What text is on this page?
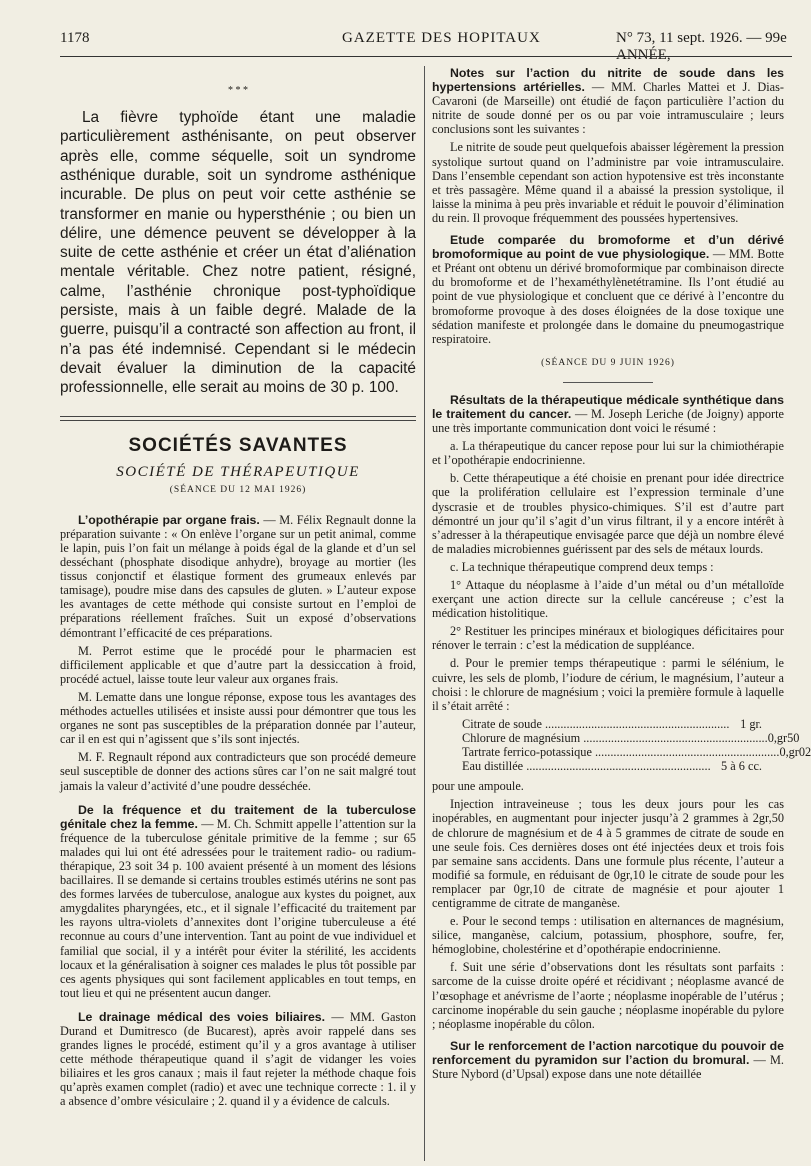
1178	GAZETTE DES HOPITAUX	N° 73, 11 sept. 1926. — 99e ANNÉE,
* * *

La fièvre typhoïde étant une maladie particulièrement asthénisante, on peut observer après elle, comme séquelle, soit un syndrome asthénique durable, soit un syndrome asthénique incurable. De plus on peut voir cette asthénie se transformer en manie ou hypersthénie ; ou bien un délire, une démence peuvent se développer à la suite de cette asthénie et créer un état d’aliénation mentale véritable. Chez notre patient, résigné, calme, l’asthénie chronique post-typhoïdique persiste, mais à un faible degré. Malade de la guerre, puisqu’il a contracté son affection au front, il n’a pas été indemnisé. Cependant si le médecin devait évaluer la diminution de la capacité professionnelle, elle serait au moins de 30 p. 100.

SOCIÉTÉS SAVANTES
SOCIÉTÉ DE THÉRAPEUTIQUE
(SÉANCE DU 12 MAI 1926)

L’opothérapie par organe frais. — M. Félix Regnault donne la préparation suivante : « On enlève l’organe sur un petit animal, comme le lapin, puis l’on fait un mélange à poids égal de la glande et d’un sel desséchant (phosphate disodique anhydre), broyage au mortier (les tissus conjonctif et élastique forment des grumeaux enlevés par tamisage), poudre mise dans des capsules de gluten. » L’auteur expose les avantages de cette méthode qui consiste surtout en l’emploi de préparations réellement fraîches. Suit un exposé d’observations démontrant l’efficacité de ces préparations.

M. Perrot estime que le procédé pour le pharmacien est difficilement applicable et que d’autre part la dessiccation à froid, procédé actuel, laisse toute leur valeur aux organes frais.

M. Lematte dans une longue réponse, expose tous les avantages des méthodes actuelles utilisées et insiste aussi pour démontrer que tous les organes ne sont pas susceptibles de la préparation donnée par l’auteur, car il en est qui n’agissent que s’ils sont injectés.

M. F. Regnault répond aux contradicteurs que son procédé demeure seul susceptible de donner des actions sûres car l’on ne sait malgré tout jamais la valeur d’activité d’une poudre desséchée.

De la fréquence et du traitement de la tuberculose génitale chez la femme. — M. Ch. Schmitt appelle l’attention sur la fréquence de la tuberculose génitale primitive de la femme ; sur 65 malades qui lui ont été adressées pour le traitement radio- ou radium-thérapique, 23 soit 34 p. 100 avaient présenté à un moment des lésions bacillaires. Il se demande si certains troubles estimés utérins ne sont pas des formes larvées de tuberculose, analogue aux kystes du poignet, aux amygdalites pharyngées, etc., et il signale l’efficacité du traitement par les rayons ultra-violets d’annexites dont l’origine tuberculeuse a été reconnue au cours d’une intervention. Tant au point de vue individuel et familial que social, il y a intérêt pour éviter la stérilité, les accidents locaux et la généralisation à soigner ces malades le plus tôt possible par ces agents physiques qui sont facilement applicables en tout temps, en tout lieu et qui ne présentent aucun danger.

Le drainage médical des voies biliaires. — MM. Gaston Durand et Dumitresco (de Bucarest), après avoir rappelé dans ses grandes lignes le procédé, estiment qu’il y a gros avantage à utiliser cette méthode thérapeutique quand il s’agit de vidanger les voies biliaires et les gros canaux ; mais il faut rejeter la méthode chaque fois qu’après examen complet (radio) et avec une technique correcte : 1. il y a absence d’ombre vésiculaire ; 2. quand il y a évidence de calculs.

Notes sur l’action du nitrite de soude dans les hypertensions artérielles. — MM. Charles Mattei et J. Dias-Cavaroni (de Marseille) ont étudié de façon particulière l’action du nitrite de soude donné per os ou par voie intramusculaire ; leurs conclusions sont les suivantes :

Le nitrite de soude peut quelquefois abaisser légèrement la pression systolique surtout quand on l’administre par voie intramusculaire. Dans l’ensemble cependant son action hypotensive est très inconstante et très passagère. Même quand il a abaissé la pression systolique, il laisse la minima à peu près invariable et réduit le pouvoir d’élimination du rein. Il provoque fréquemment des poussées hypertensives.

Etude comparée du bromoforme et d’un dérivé bromoformique au point de vue physiologique. — MM. Botte et Préant ont obtenu un dérivé bromoformique par combinaison directe du bromoforme et de l’hexaméthylènetétramine. Ils l’ont étudié au point de vue physiologique et concluent que ce dérivé à l’encontre du bromoforme provoque à des doses éloignées de la dose toxique une sédation manifeste et prolongée dans le domaine du pneumogastrique respiratoire.

(SÉANCE DU 9 JUIN 1926)

Résultats de la thérapeutique médicale synthétique dans le traitement du cancer. — M. Joseph Leriche (de Joigny) apporte une très importante communication dont voici le résumé :

a. La thérapeutique du cancer repose pour lui sur la chimiothérapie et l’opothérapie endocrinienne.

b. Cette thérapeutique a été choisie en prenant pour idée directrice que la prolifération cellulaire est l’expression terminale d’une dyscrasie et de troubles physico-chimiques. S’il est d’autre part démontré un jour qu’il s’agit d’un virus filtrant, il y a encore intérêt à s’adresser à la thérapeutique envisagée parce que déjà un nombre élevé de maladies microbiennes guérissent par des sels de métaux lourds.

c. La technique thérapeutique comprend deux temps :

1° Attaque du néoplasme à l’aide d’un métal ou d’un métalloïde exerçant une action directe sur la cellule cancéreuse ; c’est la médication histolitique.

2° Restituer les principes minéraux et biologiques déficitaires pour rénover le terrain : c’est la médication de suppléance.

d. Pour le premier temps thérapeutique : parmi le sélénium, le cuivre, les sels de plomb, l’iodure de cérium, le magnésium, l’auteur a choisi : le chlorure de magnésium ; voici la première formule à laquelle il s’était arrêté :

Citrate de soude ............................................................ 1 gr.
Chlorure de magnésium ............................................................ 0,gr50
Tartrate ferrico-potassique ............................................................ 0,gr02
Eau distillée ............................................................ 5 à 6 cc.

pour une ampoule.

Injection intraveineuse ; tous les deux jours pour les cas inopérables, en augmentant pour injecter jusqu’à 2 grammes à 2gr,50 de chlorure de magnésium et de 4 à 5 grammes de citrate de soude en une seule fois. Ces dernières doses ont été injectées deux et trois fois par semaine sans accidents. Dans une formule plus récente, l’auteur a modifié sa formule, en réduisant de 0gr,10 le citrate de soude pour les remplacer par 0gr,10 de citrate de magnésie et pour ajouter 1 centigramme de citrate de manganèse.

e. Pour le second temps : utilisation en alternances de magnésium, silice, manganèse, calcium, potassium, phosphore, soufre, fer, hémoglobine, cholestérine et d’opothérapie endocrinienne.

f. Suit une série d’observations dont les résultats sont parfaits : sarcome de la cuisse droite opéré et récidivant ; néoplasme avancé de l’œsophage et anévrisme de l’aorte ; néoplasme inopérable de l’utérus ; carcinome inopérable du sein gauche ; néoplasme inopérable du pylore ; néoplasme inopérable du côlon.

Sur le renforcement de l’action narcotique du pouvoir de renforcement du pyramidon sur l’action du bromural. — M. Sture Nybord (d’Upsal) expose dans une note détaillée
